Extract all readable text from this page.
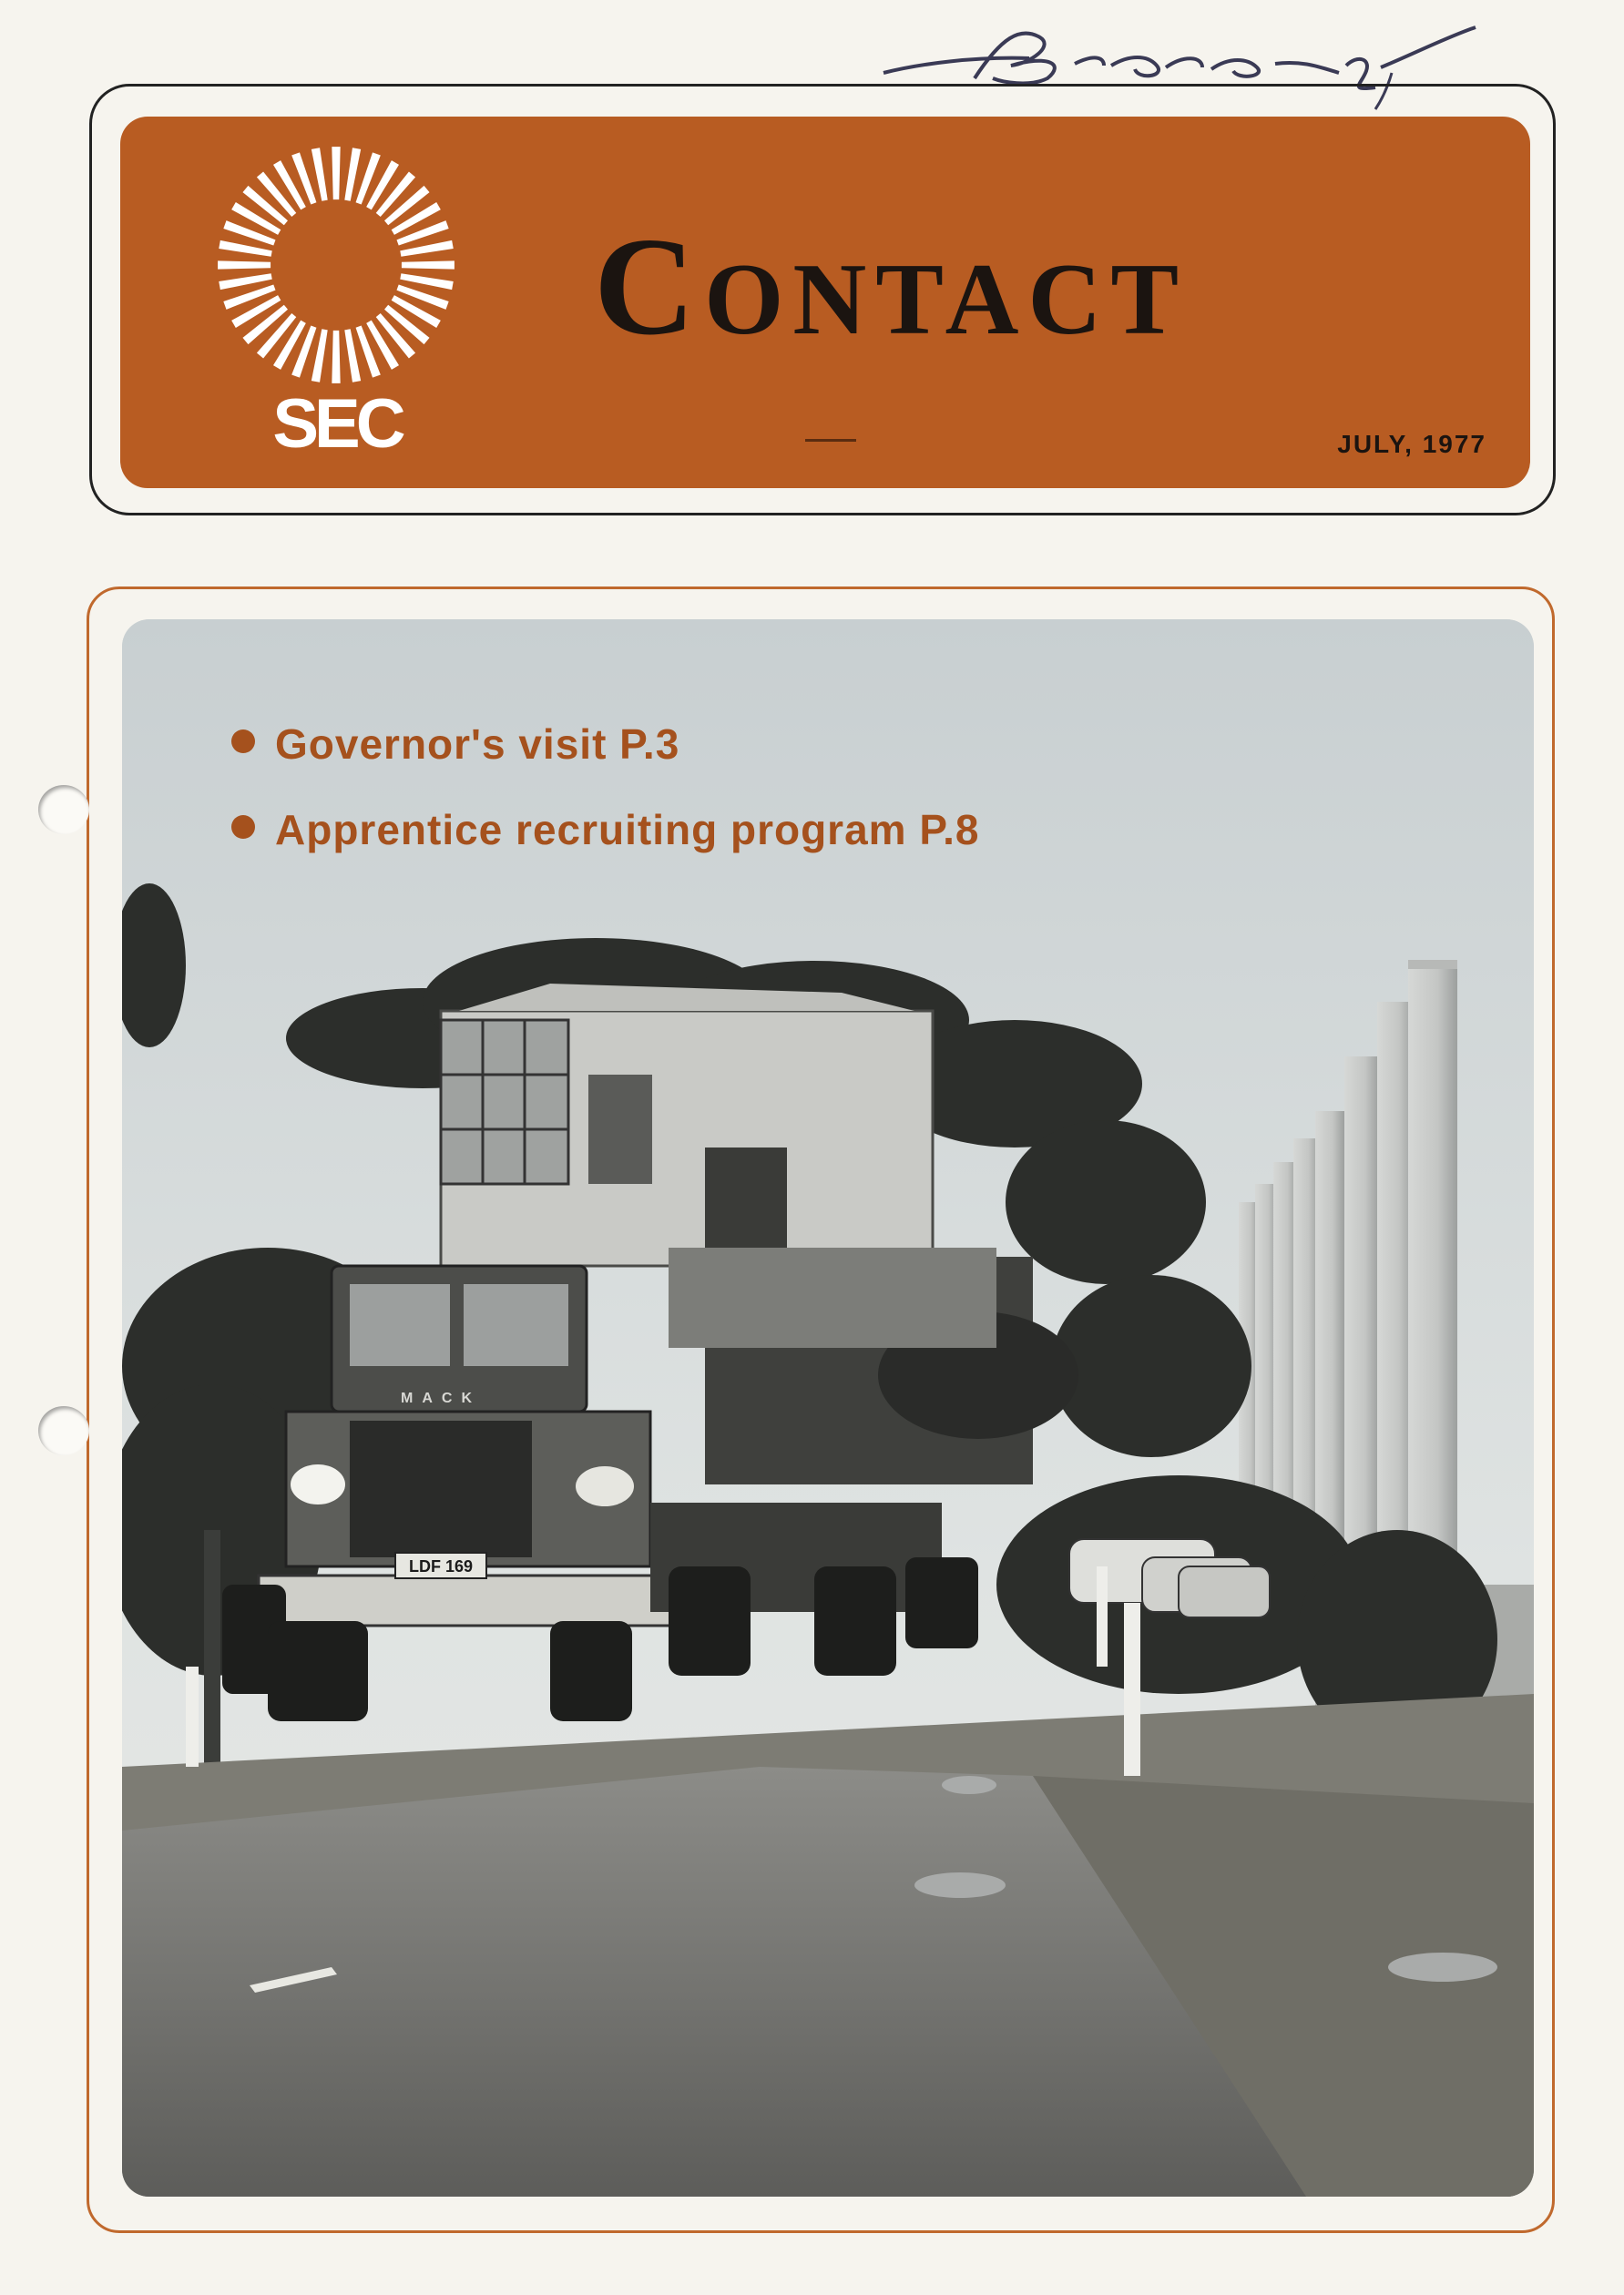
SEC
CONTACT
JULY, 1977
MACK
LDF 169
Governor's visit P.3
Apprentice recruiting program P.8
